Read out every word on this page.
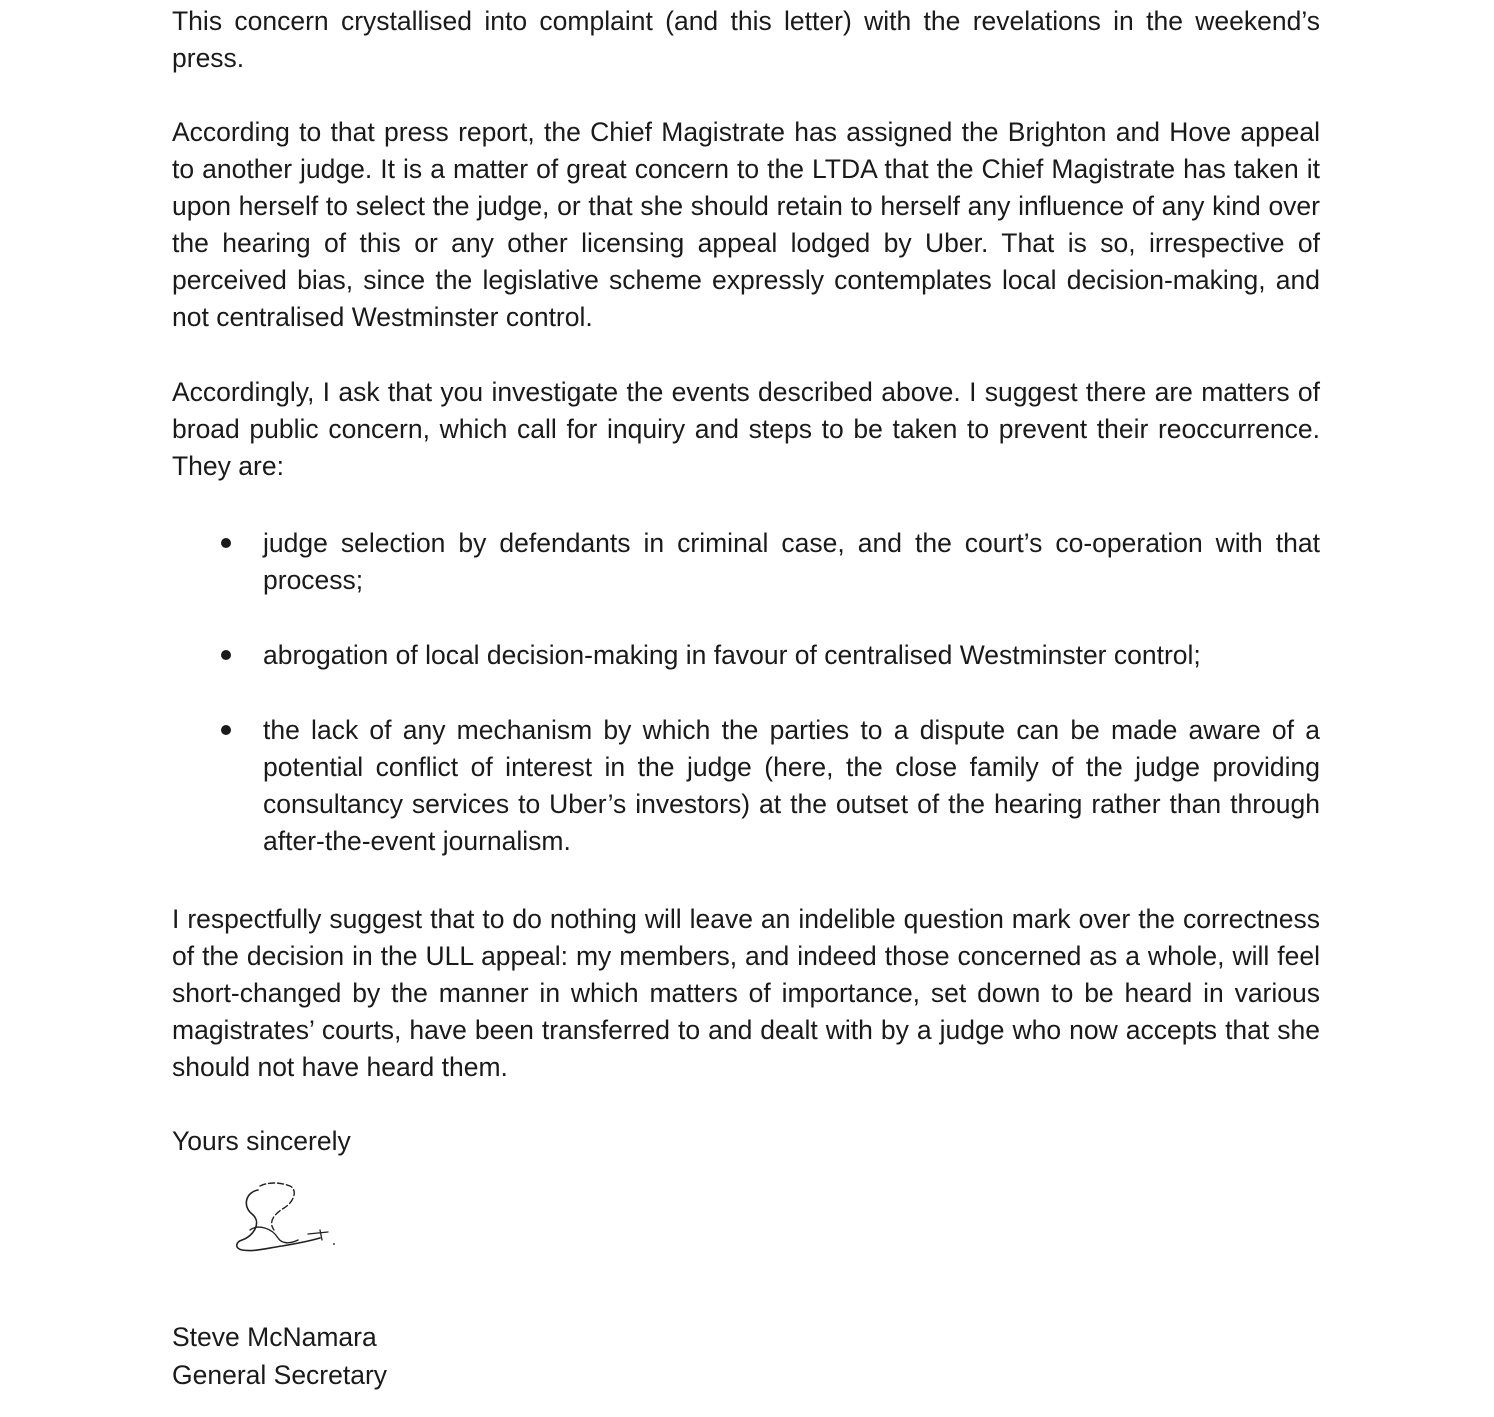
This concern crystallised into complaint (and this letter) with the revelations in the weekend’s press.

According to that press report, the Chief Magistrate has assigned the Brighton and Hove appeal to another judge. It is a matter of great concern to the LTDA that the Chief Magistrate has taken it upon herself to select the judge, or that she should retain to herself any influence of any kind over the hearing of this or any other licensing appeal lodged by Uber. That is so, irrespective of perceived bias, since the legislative scheme expressly contemplates local decision-making, and not centralised Westminster control.

Accordingly, I ask that you investigate the events described above. I suggest there are matters of broad public concern, which call for inquiry and steps to be taken to prevent their reoccurrence. They are:

judge selection by defendants in criminal case, and the court’s co-operation with that process;
abrogation of local decision-making in favour of centralised Westminster control;
the lack of any mechanism by which the parties to a dispute can be made aware of a potential conflict of interest in the judge (here, the close family of the judge providing consultancy services to Uber’s investors) at the outset of the hearing rather than through after-the-event journalism.

I respectfully suggest that to do nothing will leave an indelible question mark over the correctness of the decision in the ULL appeal: my members, and indeed those concerned as a whole, will feel short-changed by the manner in which matters of importance, set down to be heard in various magistrates’ courts, have been transferred to and dealt with by a judge who now accepts that she should not have heard them.

Yours sincerely

Steve McNamara

General Secretary
